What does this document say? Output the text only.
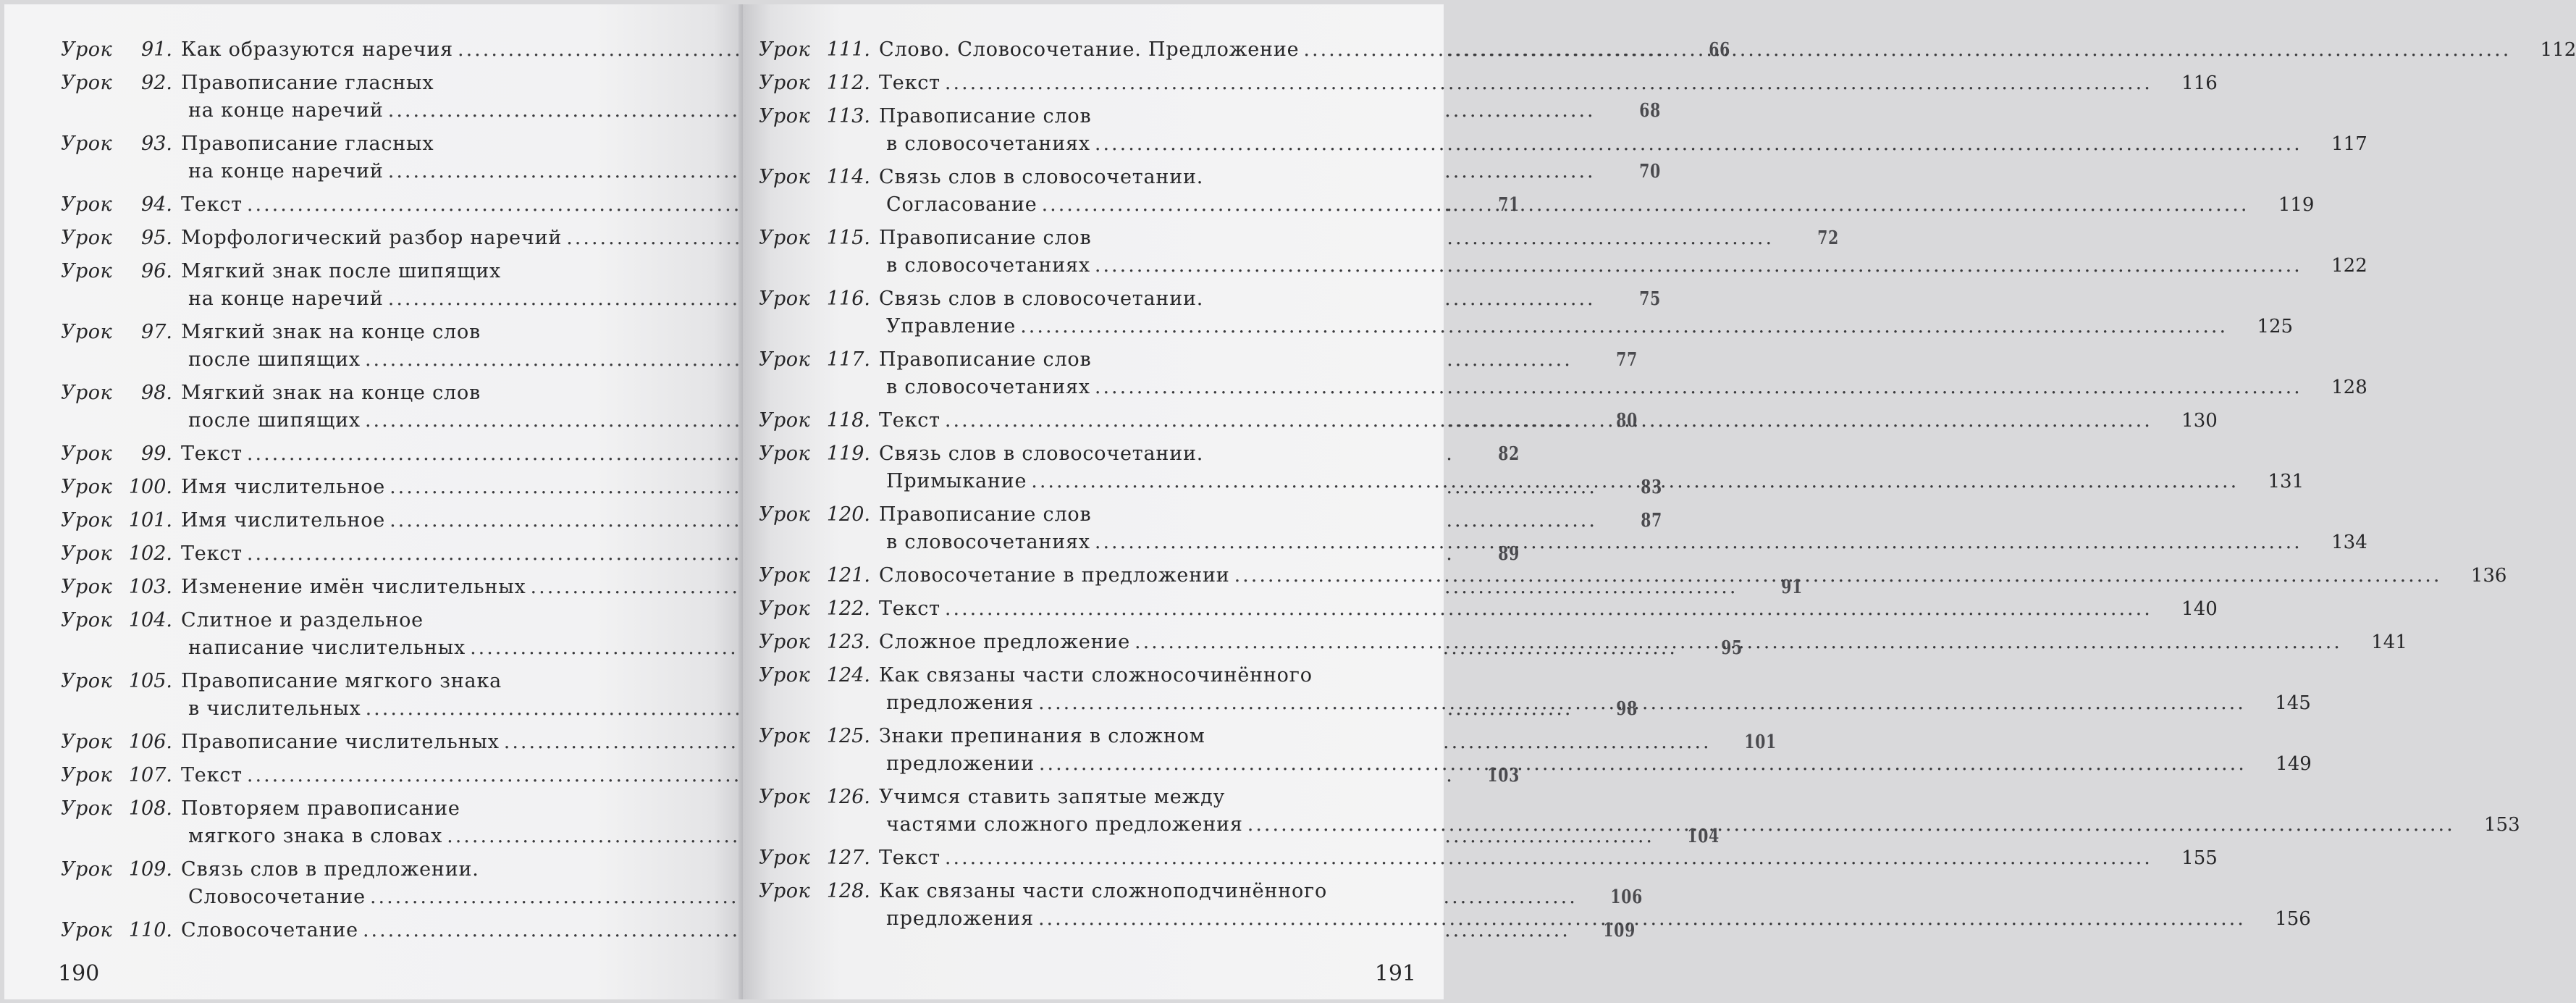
Урок	91. Как образуются наречия .....	66
Урок	92. Правописание гласных
на конце наречий .....	68
Урок	93. Правописание гласных
на конце наречий .....	70
Урок	94. Текст .....	71
Урок	95. Морфологический разбор наречий .....	72
Урок	96. Мягкий знак после шипящих
на конце наречий .....	75
Урок	97. Мягкий знак на конце слов
после шипящих .....	77
Урок	98. Мягкий знак на конце слов
после шипящих .....	80
Урок	99. Текст .....	82
Урок 100. Имя числительное .....	83
Урок 101. Имя числительное .....	87
Урок 102. Текст .....	89
Урок 103. Изменение имён числительных .....	91
Урок 104. Слитное и раздельное
написание числительных .....	95
Урок 105. Правописание мягкого знака
в числительных .....	98
Урок 106. Правописание числительных .....	101
Урок 107. Текст .....	103
Урок 108. Повторяем правописание
мягкого знака в словах .....	104
Урок 109. Связь слов в предложении.
Словосочетание .....	106
Урок 110. Словосочетание .....	109
190
Урок 111. Слово. Словосочетание. Предложение .....	112
Урок 112. Текст .....	116
Урок 113. Правописание слов
в словосочетаниях .....	117
Урок 114. Связь слов в словосочетании.
Согласование .....	119
Урок 115. Правописание слов
в словосочетаниях .....	122
Урок 116. Связь слов в словосочетании.
Управление .....	125
Урок 117. Правописание слов
в словосочетаниях .....	128
Урок 118. Текст .....	130
Урок 119. Связь слов в словосочетании.
Примыкание .....	131
Урок 120. Правописание слов
в словосочетаниях .....	134
Урок 121. Словосочетание в предложении .....	136
Урок 122. Текст .....	140
Урок 123. Сложное предложение .....	141
Урок 124. Как связаны части сложносочинённого
предложения .....	145
Урок 125. Знаки препинания в сложном
предложении .....	149
Урок 126. Учимся ставить запятые между
частями сложного предложения .....	153
Урок 127. Текст .....	155
Урок 128. Как связаны части сложноподчинённого
предложения .....	156
191
